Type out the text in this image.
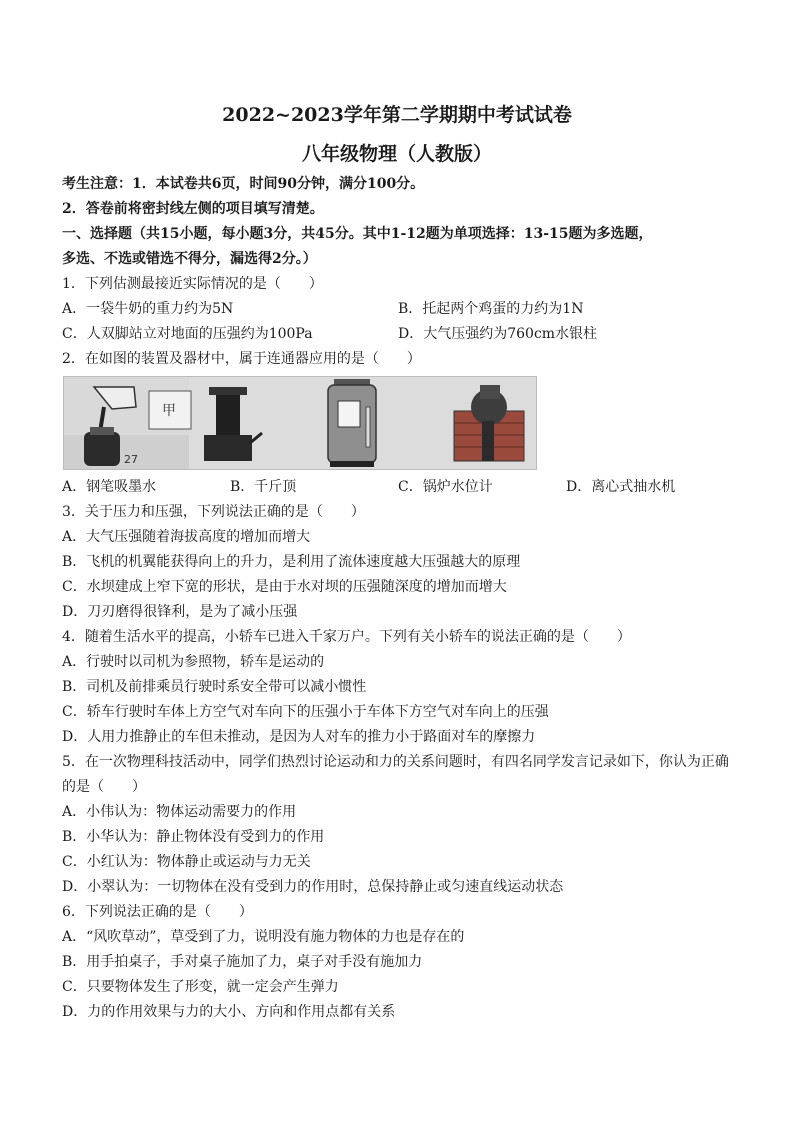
2022~2023学年第二学期期中考试试卷
八年级物理（人教版）
考生注意：1．本试卷共6页，时间90分钟，满分100分。
2．答卷前将密封线左侧的项目填写清楚。
一、选择题（共15小题，每小题3分，共45分。其中1-12题为单项选择：13-15题为多选题，
多选、不选或错选不得分，漏选得2分。）
1．下列估测最接近实际情况的是（　　）
A．一袋牛奶的重力约为5N	B．托起两个鸡蛋的力约为1N
C．人双脚站立对地面的压强约为100Pa	D．大气压强约为760cm水银柱
2．在如图的装置及器材中，属于连通器应用的是（　　）
27
甲
A．钢笔吸墨水	B．千斤顶	C．锅炉水位计	D．离心式抽水机
3．关于压力和压强，下列说法正确的是（　　）
A．大气压强随着海拔高度的增加而增大
B．飞机的机翼能获得向上的升力，是利用了流体速度越大压强越大的原理
C．水坝建成上窄下宽的形状，是由于水对坝的压强随深度的增加而增大
D．刀刃磨得很锋利，是为了减小压强
4．随着生活水平的提高，小轿车已进入千家万户。下列有关小轿车的说法正确的是（　　）
A．行驶时以司机为参照物，轿车是运动的
B．司机及前排乘员行驶时系安全带可以减小惯性
C．轿车行驶时车体上方空气对车向下的压强小于车体下方空气对车向上的压强
D．人用力推静止的车但未推动，是因为人对车的推力小于路面对车的摩擦力
5．在一次物理科技活动中，同学们热烈讨论运动和力的关系问题时，有四名同学发言记录如下，你认为正确
的是（　　）
A．小伟认为：物体运动需要力的作用
B．小华认为：静止物体没有受到力的作用
C．小红认为：物体静止或运动与力无关
D．小翠认为：一切物体在没有受到力的作用时，总保持静止或匀速直线运动状态
6．下列说法正确的是（　　）
A．“风吹草动”，草受到了力，说明没有施力物体的力也是存在的
B．用手拍桌子，手对桌子施加了力，桌子对手没有施加力
C．只要物体发生了形变，就一定会产生弹力
D．力的作用效果与力的大小、方向和作用点都有关系
